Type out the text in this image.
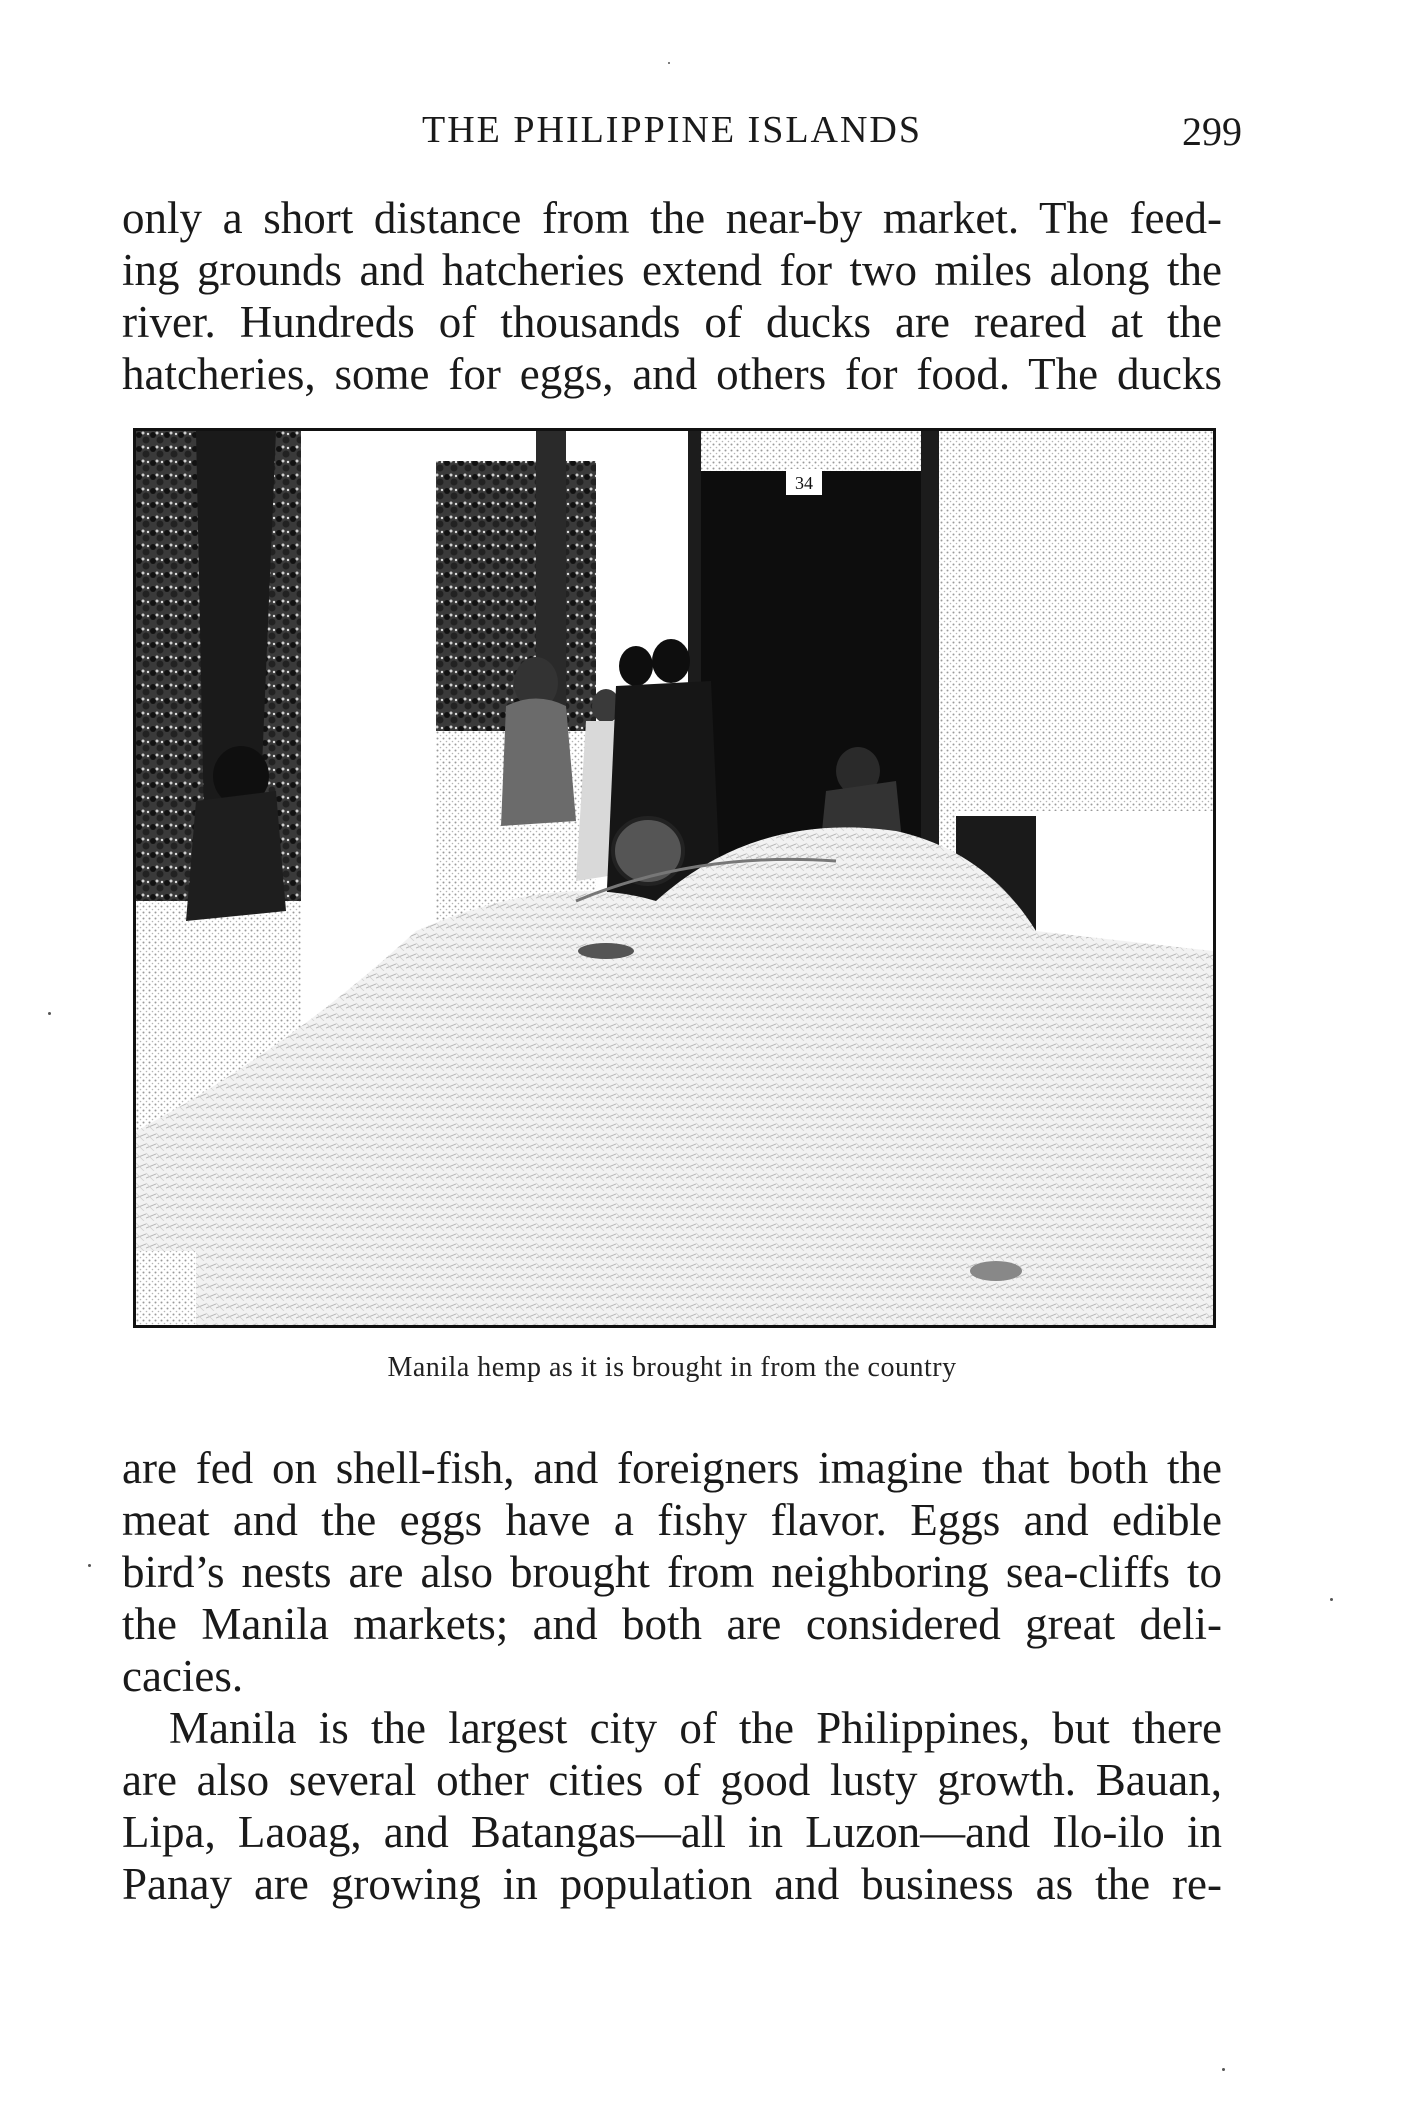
THE PHILIPPINE ISLANDS	299

only a short distance from the near-by market. The feed-
ing grounds and hatcheries extend for two miles along the
river. Hundreds of thousands of ducks are reared at the
hatcheries, some for eggs, and others for food. The ducks

34
Manila hemp as it is brought in from the country

are fed on shell-fish, and foreigners imagine that both the
meat and the eggs have a fishy flavor. Eggs and edible
bird’s nests are also brought from neighboring sea-cliffs to
the Manila markets; and both are considered great deli-
cacies.

Manila is the largest city of the Philippines, but there
are also several other cities of good lusty growth. Bauan,
Lipa, Laoag, and Batangas—all in Luzon—and Ilo-ilo in
Panay are growing in population and business as the re-
